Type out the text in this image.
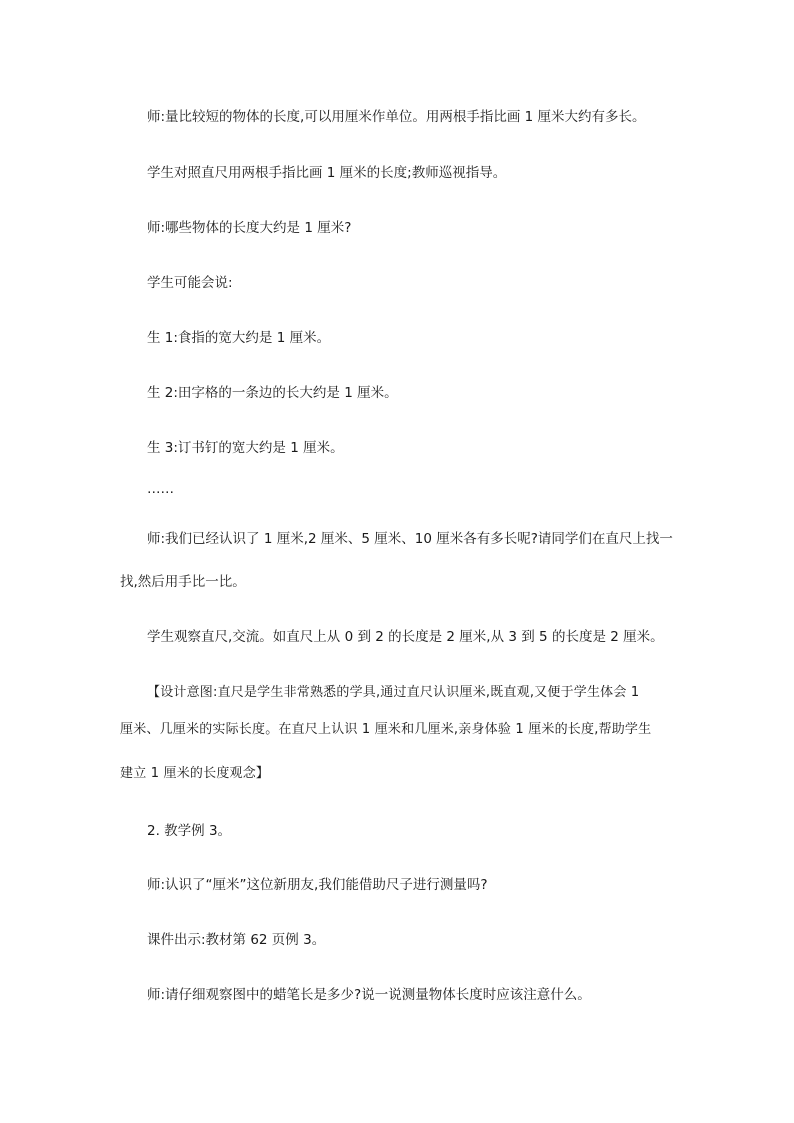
师:量比较短的物体的长度,可以用厘米作单位。用两根手指比画 1 厘米大约有多长。
学生对照直尺用两根手指比画 1 厘米的长度;教师巡视指导。
师:哪些物体的长度大约是 1 厘米?
学生可能会说:
生 1:食指的宽大约是 1 厘米。
生 2:田字格的一条边的长大约是 1 厘米。
生 3:订书钉的宽大约是 1 厘米。
……
师:我们已经认识了 1 厘米,2 厘米、5 厘米、10 厘米各有多长呢?请同学们在直尺上找一
找,然后用手比一比。
学生观察直尺,交流。如直尺上从 0 到 2 的长度是 2 厘米,从 3 到 5 的长度是 2 厘米。
【设计意图:直尺是学生非常熟悉的学具,通过直尺认识厘米,既直观,又便于学生体会 1
厘米、几厘米的实际长度。在直尺上认识 1 厘米和几厘米,亲身体验 1 厘米的长度,帮助学生
建立 1 厘米的长度观念】
2. 教学例 3。
师:认识了“厘米”这位新朋友,我们能借助尺子进行测量吗?
课件出示:教材第 62 页例 3。
师:请仔细观察图中的蜡笔长是多少?说一说测量物体长度时应该注意什么。
